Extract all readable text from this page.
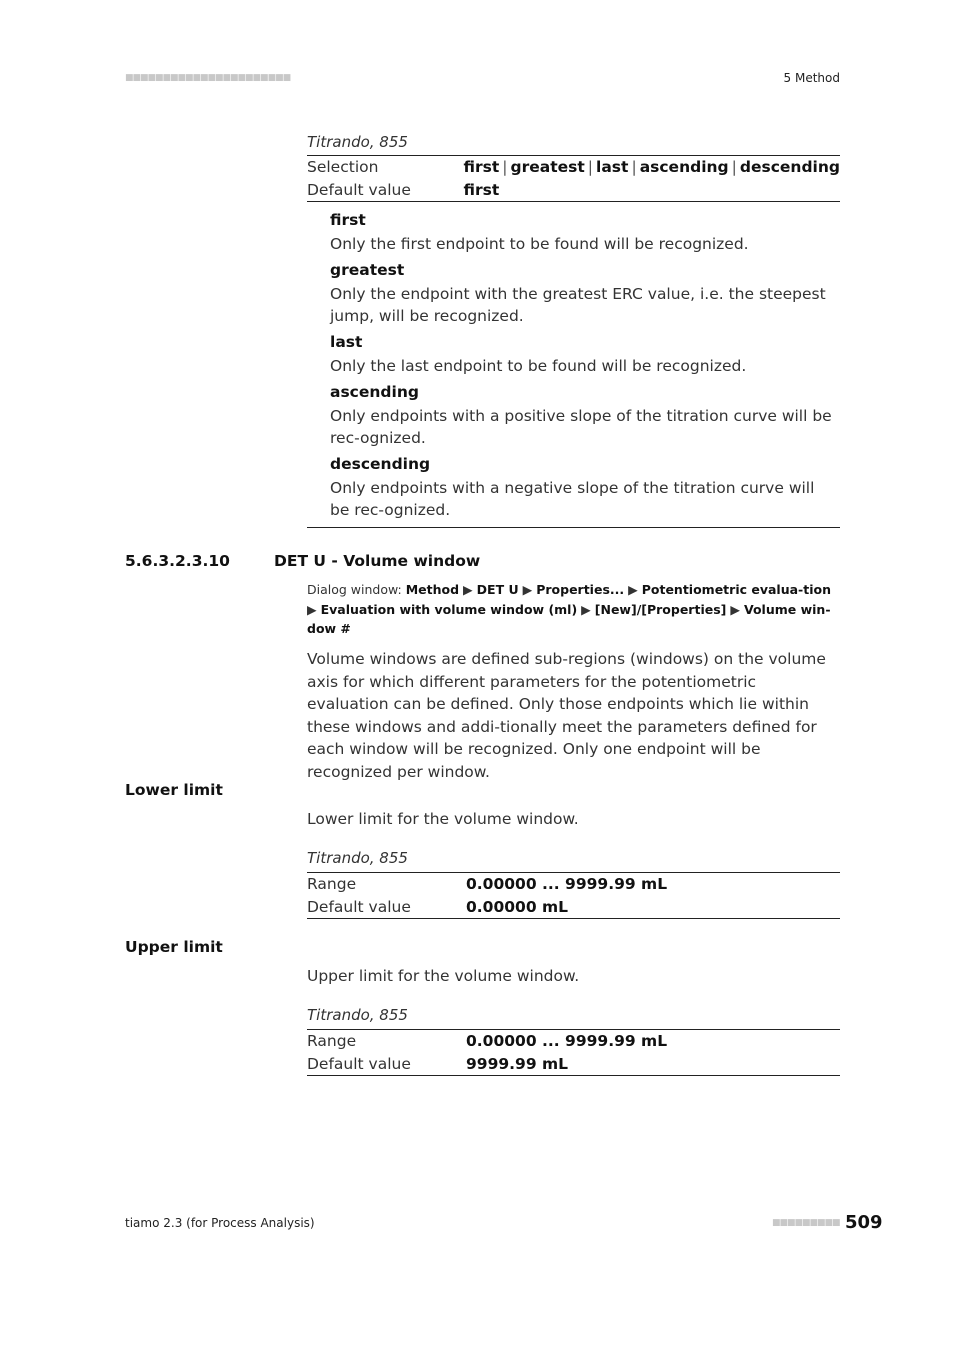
■■■■■■■■■■■■■■■■■■■■■■	5 Method
Titrando, 855
Selection	first | greatest | last | ascending | descending
Default value	first
first
Only the first endpoint to be found will be recognized.
greatest
Only the endpoint with the greatest ERC value, i.e. the steepest jump, will be recognized.
last
Only the last endpoint to be found will be recognized.
ascending
Only endpoints with a positive slope of the titration curve will be rec-ognized.
descending
Only endpoints with a negative slope of the titration curve will be rec-ognized.
5.6.3.2.3.10	DET U - Volume window
Dialog window: Method ▶ DET U ▶ Properties... ▶ Potentiometric evalua-tion ▶ Evaluation with volume window (ml) ▶ [New]/[Properties] ▶ Volume win-dow #
Volume windows are defined sub-regions (windows) on the volume axis for which different parameters for the potentiometric evaluation can be defined. Only those endpoints which lie within these windows and addi-tionally meet the parameters defined for each window will be recognized. Only one endpoint will be recognized per window.
Lower limit
Lower limit for the volume window.
Titrando, 855
Range	0.00000 ... 9999.99 mL
Default value	0.00000 mL
Upper limit
Upper limit for the volume window.
Titrando, 855
Range	0.00000 ... 9999.99 mL
Default value	9999.99 mL
tiamo 2.3 (for Process Analysis)	■■■■■■■■■ 509
